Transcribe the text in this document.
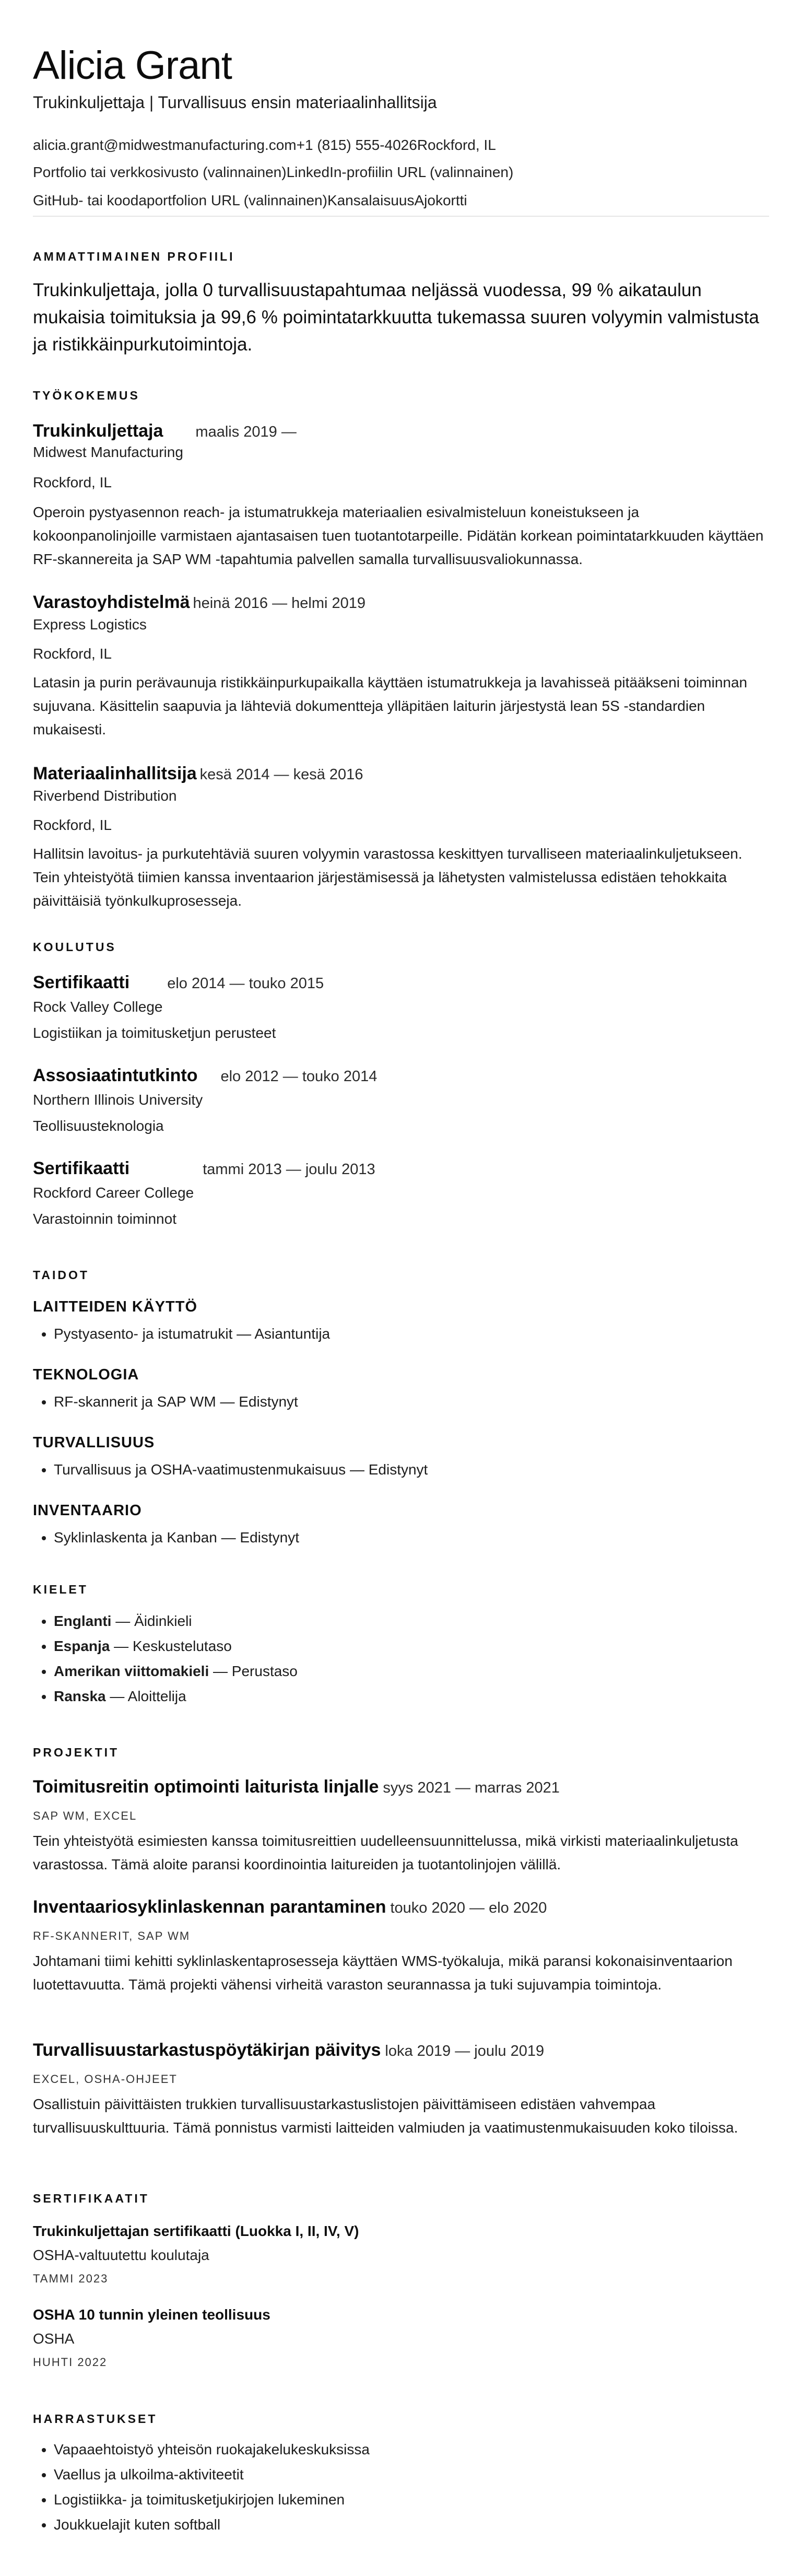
Alicia Grant
Trukinkuljettaja | Turvallisuus ensin materiaalinhallitsija
alicia.grant@midwestmanufacturing.com+1 (815) 555-4026Rockford, IL
Portfolio tai verkkosivusto (valinnainen)LinkedIn-profiilin URL (valinnainen)
GitHub- tai koodaportfolion URL (valinnainen)KansalaisuusAjokortti
AMMATTIMAINEN PROFIILI

Trukinkuljettaja, jolla 0 turvallisuustapahtumaa neljässä vuodessa, 99 % aikataulun mukaisia toimituksia ja 99,6 % poimintatarkkuutta tukemassa suuren volyymin valmistusta ja ristikkäinpurkutoimintoja.

TYÖKOKEMUS
Trukinkuljettaja maalis 2019 —
Midwest Manufacturing
Rockford, IL

Operoin pystyasennon reach- ja istumatrukkeja materiaalien esivalmisteluun koneistukseen ja kokoonpanolinjoille varmistaen ajantasaisen tuen tuotantotarpeille. Pidätän korkean poimintatarkkuuden käyttäen RF-skannereita ja SAP WM -tapahtumia palvellen samalla turvallisuusvaliokunnassa.

Varastoyhdistelmä heinä 2016 — helmi 2019
Express Logistics
Rockford, IL

Latasin ja purin perävaunuja ristikkäinpurkupaikalla käyttäen istumatrukkeja ja lavahisseä pitääkseni toiminnan sujuvana. Käsittelin saapuvia ja lähteviä dokumentteja ylläpitäen laiturin järjestystä lean 5S -standardien mukaisesti.

Materiaalinhallitsija kesä 2014 — kesä 2016
Riverbend Distribution
Rockford, IL

Hallitsin lavoitus- ja purkutehtäviä suuren volyymin varastossa keskittyen turvalliseen materiaalinkuljetukseen. Tein yhteistyötä tiimien kanssa inventaarion järjestämisessä ja lähetysten valmistelussa edistäen tehokkaita päivittäisiä työnkulkuprosesseja.

KOULUTUS
Sertifikaatti elo 2014 — touko 2015
Rock Valley College
Logistiikan ja toimitusketjun perusteet
Assosiaatintutkinto elo 2012 — touko 2014
Northern Illinois University
Teollisuusteknologia
Sertifikaatti	tammi 2013 — joulu 2013
Rockford Career College
Varastoinnin toiminnot
TAIDOT
LAITTEIDEN KÄYTTÖ
• Pystyasento- ja istumatrukit — Asiantuntija
TEKNOLOGIA
• RF-skannerit ja SAP WM — Edistynyt
TURVALLISUUS
• Turvallisuus ja OSHA-vaatimustenmukaisuus — Edistynyt
INVENTAARIO
• Syklinlaskenta ja Kanban — Edistynyt
KIELET
• Englanti — Äidinkieli
• Espanja — Keskustelutaso
• Amerikan viittomakieli — Perustaso
• Ranska — Aloittelija
PROJEKTIT
Toimitusreitin optimointi laiturista linjalle syys 2021 — marras 2021
SAP WM, EXCEL

Tein yhteistyötä esimiesten kanssa toimitusreittien uudelleensuunnittelussa, mikä virkisti materiaalinkuljetusta varastossa. Tämä aloite paransi koordinointia laitureiden ja tuotantolinjojen välillä.

Inventaariosyklinlaskennan parantaminen touko 2020 — elo 2020
RF-SKANNERIT, SAP WM

Johtamani tiimi kehitti syklinlaskentaprosesseja käyttäen WMS-työkaluja, mikä paransi kokonaisinventaarion luotettavuutta. Tämä projekti vähensi virheitä varaston seurannassa ja tuki sujuvampia toimintoja.

Turvallisuustarkastuspöytäkirjan päivitys loka 2019 — joulu 2019
EXCEL, OSHA-OHJEET

Osallistuin päivittäisten trukkien turvallisuustarkastuslistojen päivittämiseen edistäen vahvempaa turvallisuuskulttuuria. Tämä ponnistus varmisti laitteiden valmiuden ja vaatimustenmukaisuuden koko tiloissa.

SERTIFIKAATIT
Trukinkuljettajan sertifikaatti (Luokka I, II, IV, V)
OSHA-valtuutettu koulutaja
TAMMI 2023
OSHA 10 tunnin yleinen teollisuus
OSHA
HUHTI 2022
HARRASTUKSET
• Vapaaehtoistyö yhteisön ruokajakelukeskuksissa
• Vaellus ja ulkoilma-aktiviteetit
• Logistiikka- ja toimitusketjukirjojen lukeminen
• Joukkuelajit kuten softball
